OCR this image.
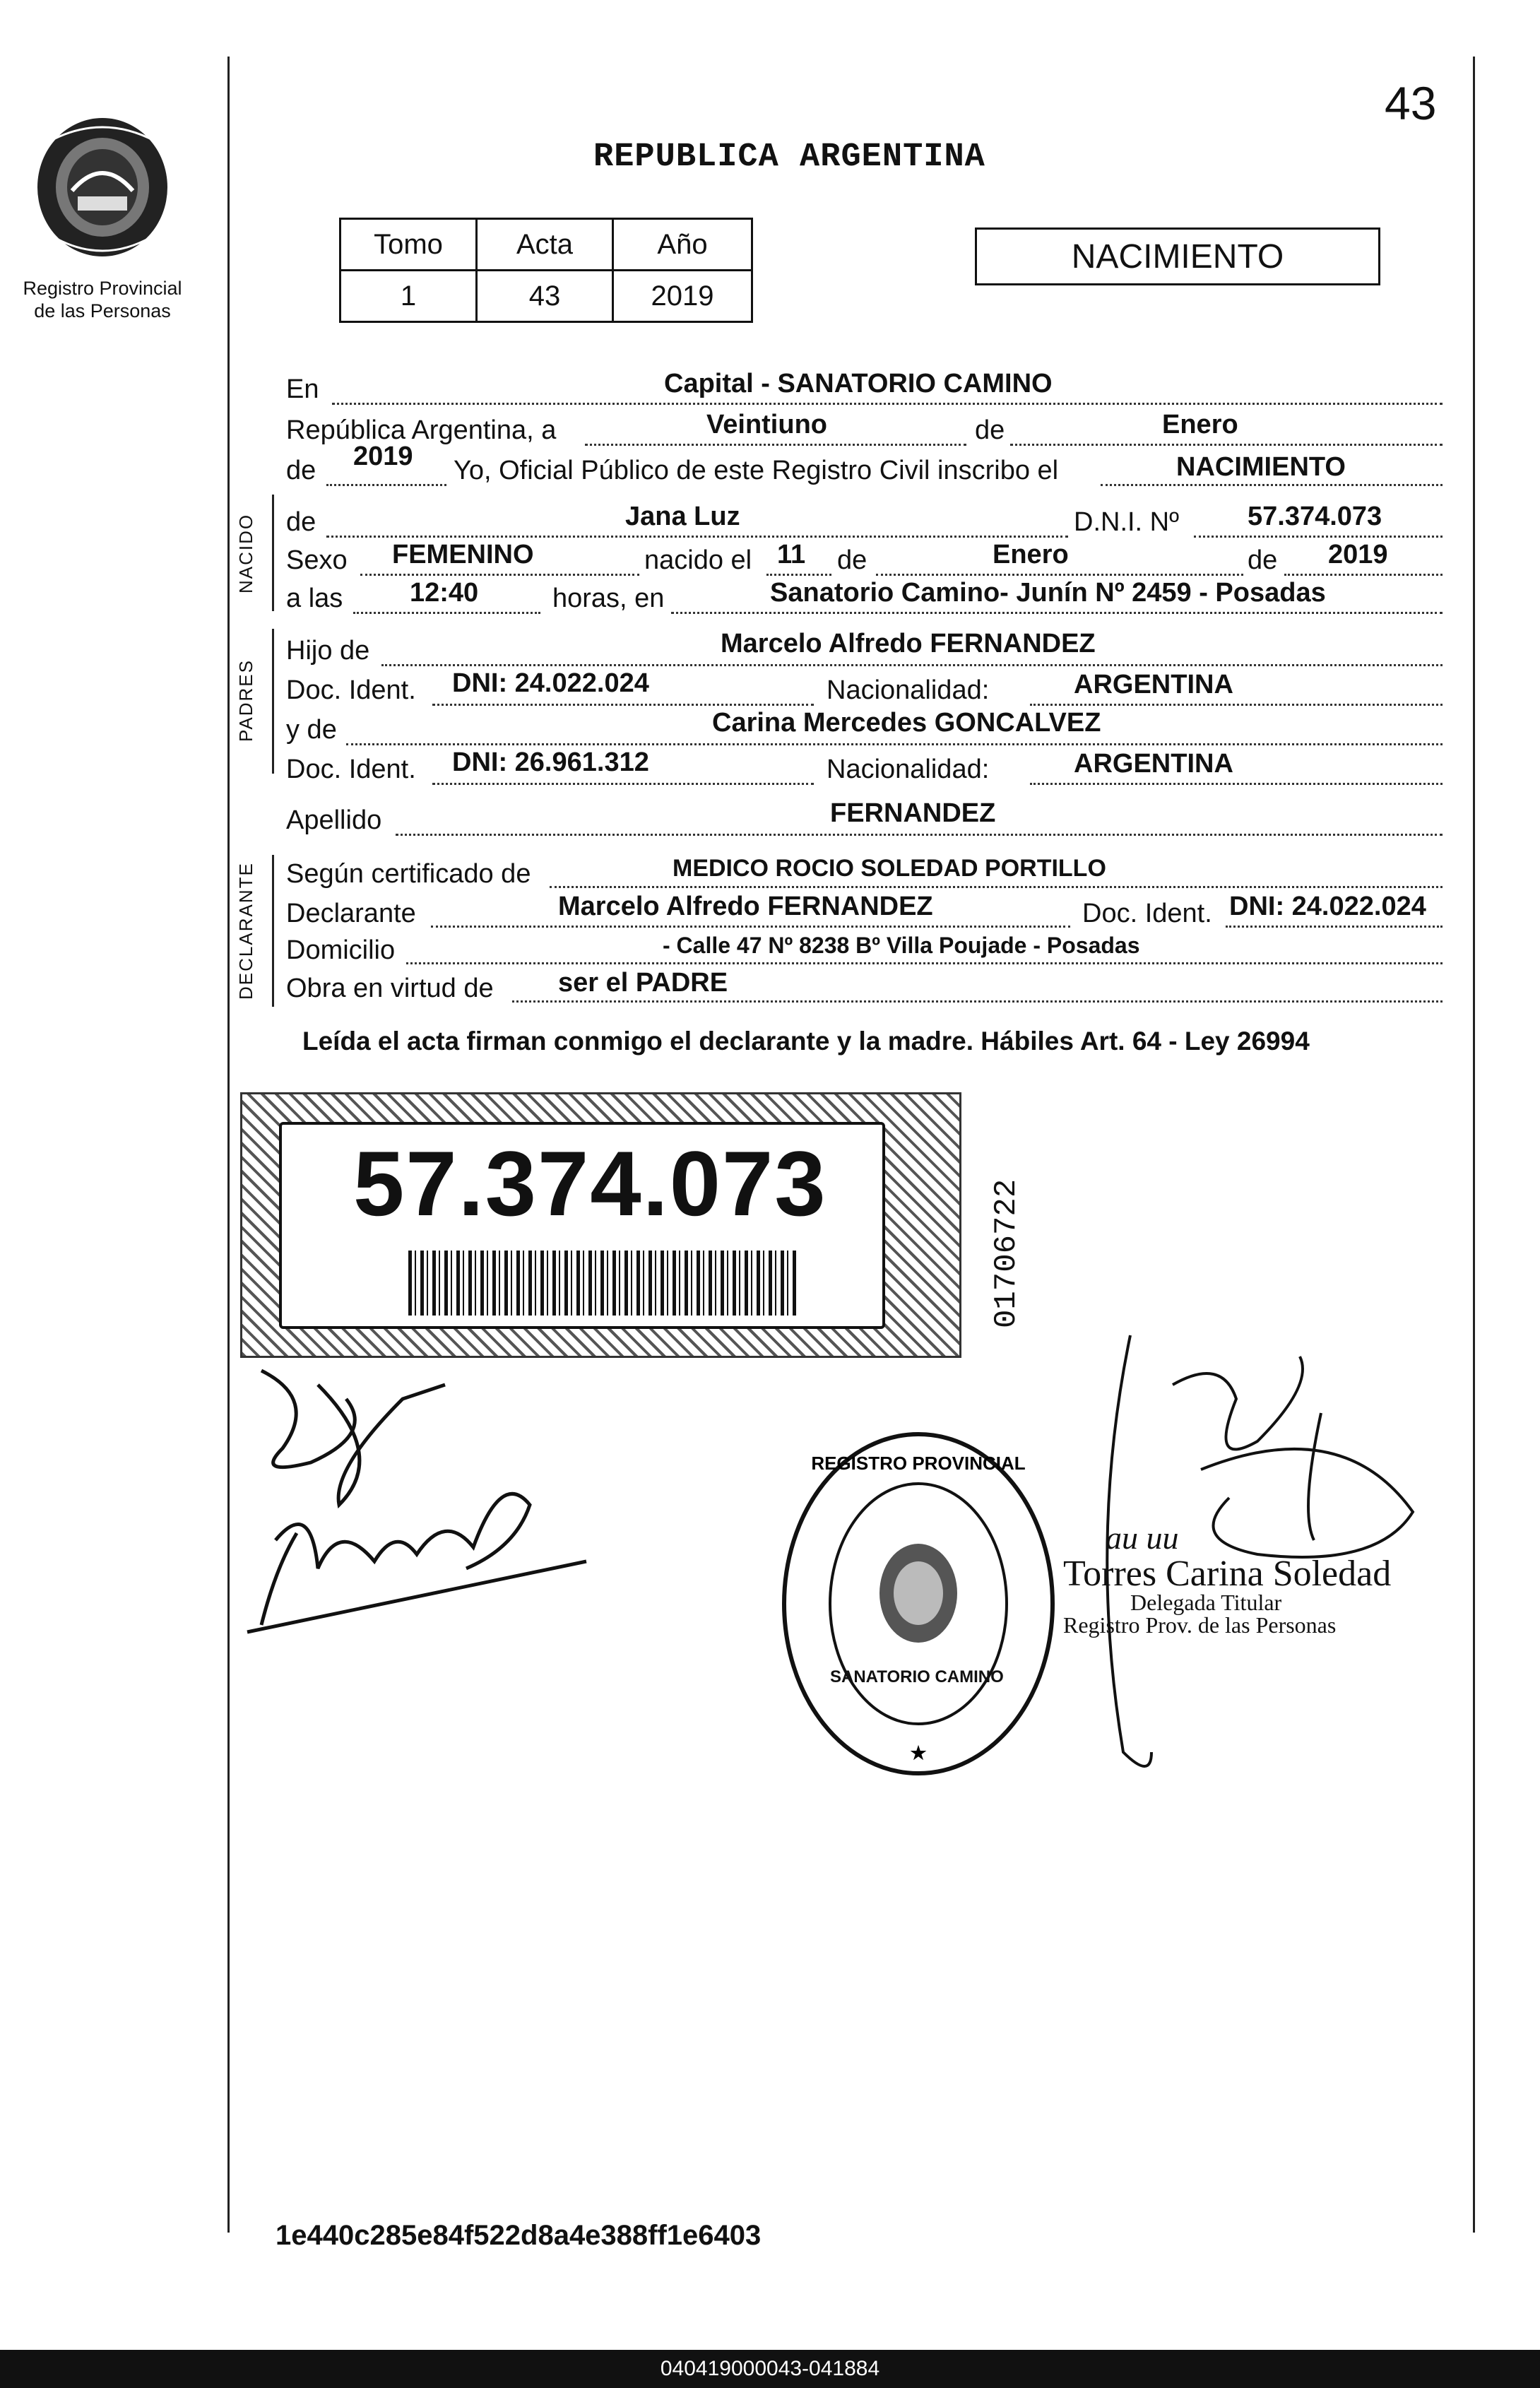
43
Registro Provincial
de las Personas
REPUBLICA ARGENTINA
Tomo	Acta	Año
1	43	2019
NACIMIENTO
En	Capital - SANATORIO CAMINO
República Argentina, a	Veintiuno	de	Enero
de 2019 Yo, Oficial Público de este Registro Civil inscribo el	NACIMIENTO
NACIDO de	Jana Luz	D.N.I. Nº	57.374.073
Sexo FEMENINO	nacido el 11 de	Enero	de 2019
a las 12:40	horas, en	Sanatorio Camino- Junín Nº 2459 - Posadas
PADRES
Hijo de	Marcelo Alfredo FERNANDEZ
Doc. Ident. DNI: 24.022.024	Nacionalidad:	ARGENTINA
y de	Carina Mercedes GONCALVEZ
Doc. Ident. DNI: 26.961.312	Nacionalidad:	ARGENTINA
Apellido	FERNANDEZ
DECLARANTE Según certificado de	MEDICO ROCIO SOLEDAD PORTILLO
Declarante	Marcelo Alfredo FERNANDEZ	Doc. Ident. DNI: 24.022.024
Domicilio	- Calle 47 Nº 8238 Bº Villa Poujade - Posadas
Obra en virtud de ser el PADRE
Leída el acta firman conmigo el declarante y la madre. Hábiles Art. 64 - Ley 26994
57.374.073	01706722
REGISTRO PROVINCIAL
★
SANATORIO CAMINO
au uu
Torres Carina Soledad
Delegada Titular
Registro Prov. de las Personas
1e440c285e84f522d8a4e388ff1e6403
040419000043-041884
